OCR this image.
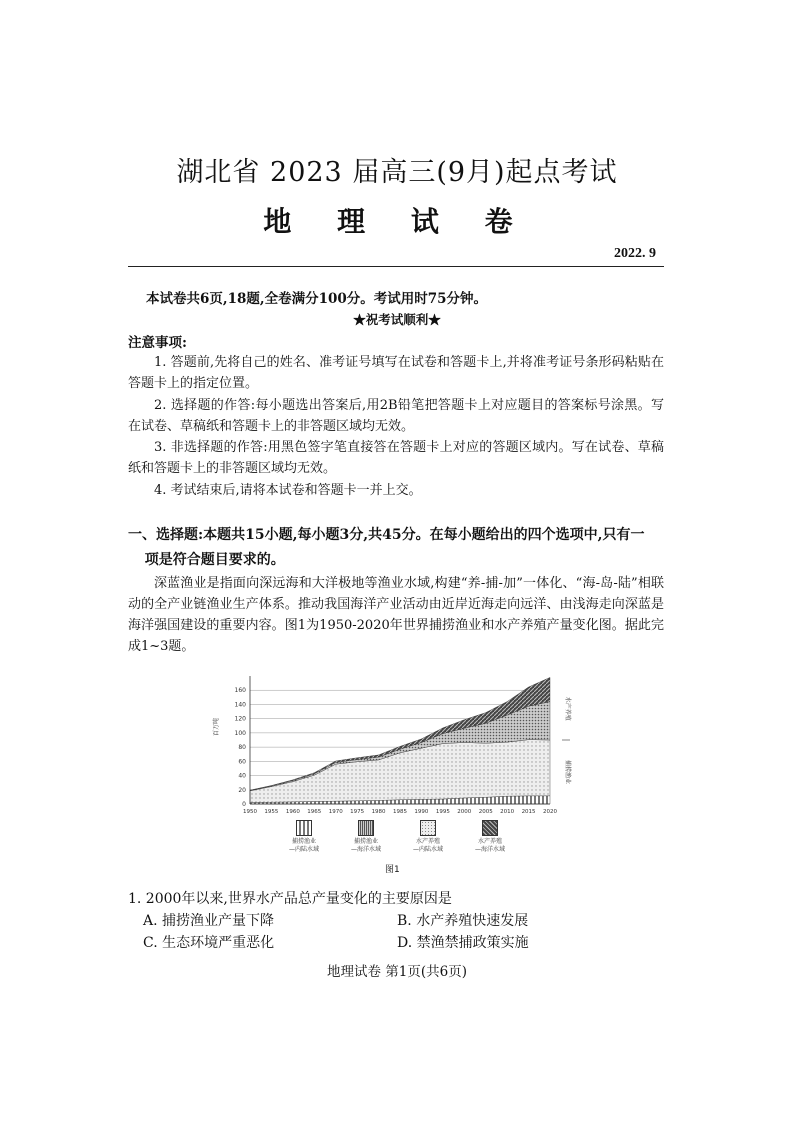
湖北省 2023 届高三(9月)起点考试
地 理 试 卷
2022. 9
本试卷共6页,18题,全卷满分100分。考试用时75分钟。
★祝考试顺利★
注意事项:
1. 答题前,先将自己的姓名、准考证号填写在试卷和答题卡上,并将准考证号条形码粘贴在答题卡上的指定位置。
2. 选择题的作答:每小题选出答案后,用2B铅笔把答题卡上对应题目的答案标号涂黑。写在试卷、草稿纸和答题卡上的非答题区域均无效。
3. 非选择题的作答:用黑色签字笔直接答在答题卡上对应的答题区域内。写在试卷、草稿纸和答题卡上的非答题区域均无效。
4. 考试结束后,请将本试卷和答题卡一并上交。
一、选择题:本题共15小题,每小题3分,共45分。在每小题给出的四个选项中,只有一
项是符合题目要求的。
深蓝渔业是指面向深远海和大洋极地等渔业水域,构建“养-捕-加”一体化、“海-岛-陆”相联动的全产业链渔业生产体系。推动我国海洋产业活动由近岸近海走向远洋、由浅海走向深蓝是海洋强国建设的重要内容。图1为1950-2020年世界捕捞渔业和水产养殖产量变化图。据此完成1~3题。
0
20
40
60
80
100
120
140
160
1950 1955 1960 1965 1970 1975 1980 1985 1990 1995 2000 2005 2010 2015 2020
水产养殖
捕捞渔业
百万吨
捕捞渔业
—内陆水域
捕捞渔业
—海洋水域
水产养殖
—内陆水域
水产养殖
—海洋水域
图1
1. 2000年以来,世界水产品总产量变化的主要原因是
A. 捕捞渔业产量下降	B. 水产养殖快速发展
C. 生态环境严重恶化	D. 禁渔禁捕政策实施
地理试卷 第1页(共6页)
